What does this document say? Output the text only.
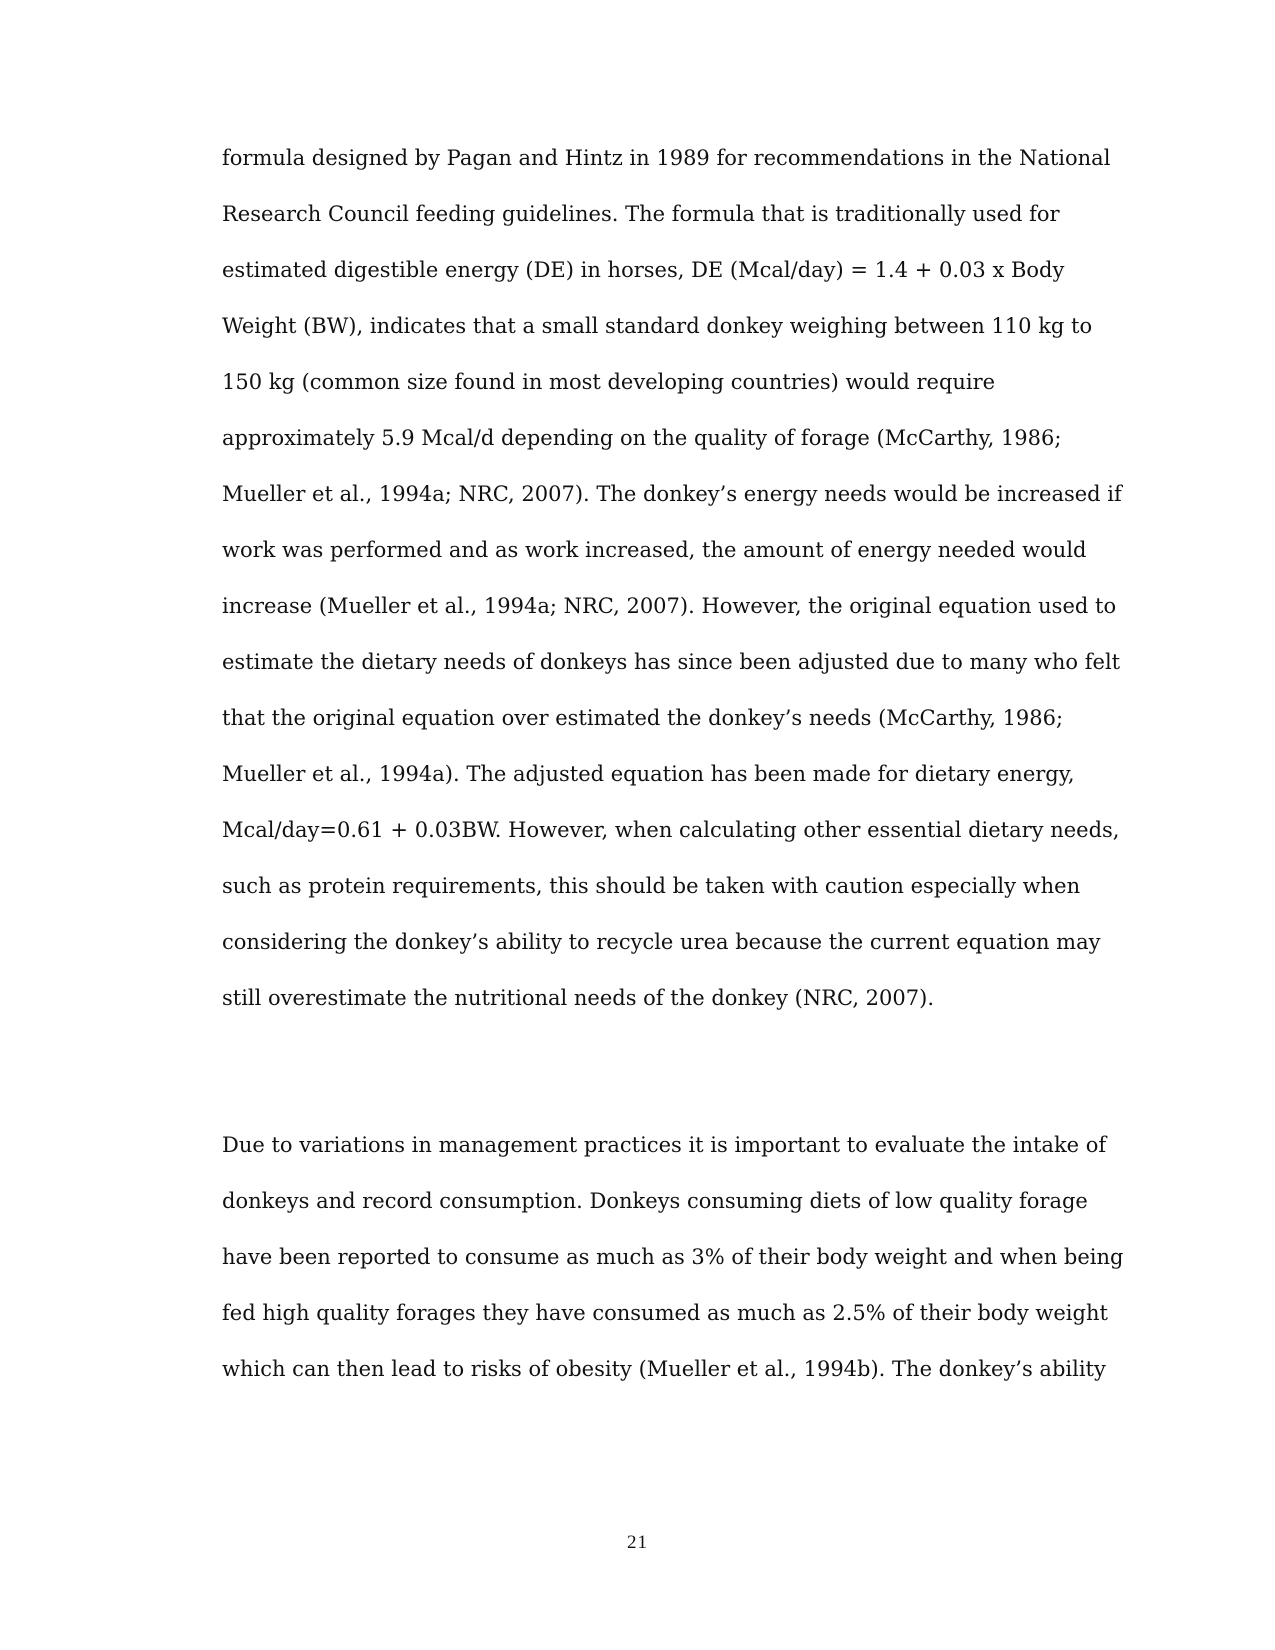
formula designed by Pagan and Hintz in 1989 for recommendations in the National
Research Council feeding guidelines. The formula that is traditionally used for
estimated digestible energy (DE) in horses, DE (Mcal/day) = 1.4 + 0.03 x Body
Weight (BW), indicates that a small standard donkey weighing between 110 kg to
150 kg (common size found in most developing countries) would require
approximately 5.9 Mcal/d depending on the quality of forage (McCarthy, 1986;
Mueller et al., 1994a; NRC, 2007). The donkey’s energy needs would be increased if
work was performed and as work increased, the amount of energy needed would
increase (Mueller et al., 1994a; NRC, 2007). However, the original equation used to
estimate the dietary needs of donkeys has since been adjusted due to many who felt
that the original equation over estimated the donkey’s needs (McCarthy, 1986;
Mueller et al., 1994a). The adjusted equation has been made for dietary energy,
Mcal/day=0.61 + 0.03BW. However, when calculating other essential dietary needs,
such as protein requirements, this should be taken with caution especially when
considering the donkey’s ability to recycle urea because the current equation may
still overestimate the nutritional needs of the donkey (NRC, 2007).
Due to variations in management practices it is important to evaluate the intake of
donkeys and record consumption. Donkeys consuming diets of low quality forage
have been reported to consume as much as 3% of their body weight and when being
fed high quality forages they have consumed as much as 2.5% of their body weight
which can then lead to risks of obesity (Mueller et al., 1994b). The donkey’s ability
21
